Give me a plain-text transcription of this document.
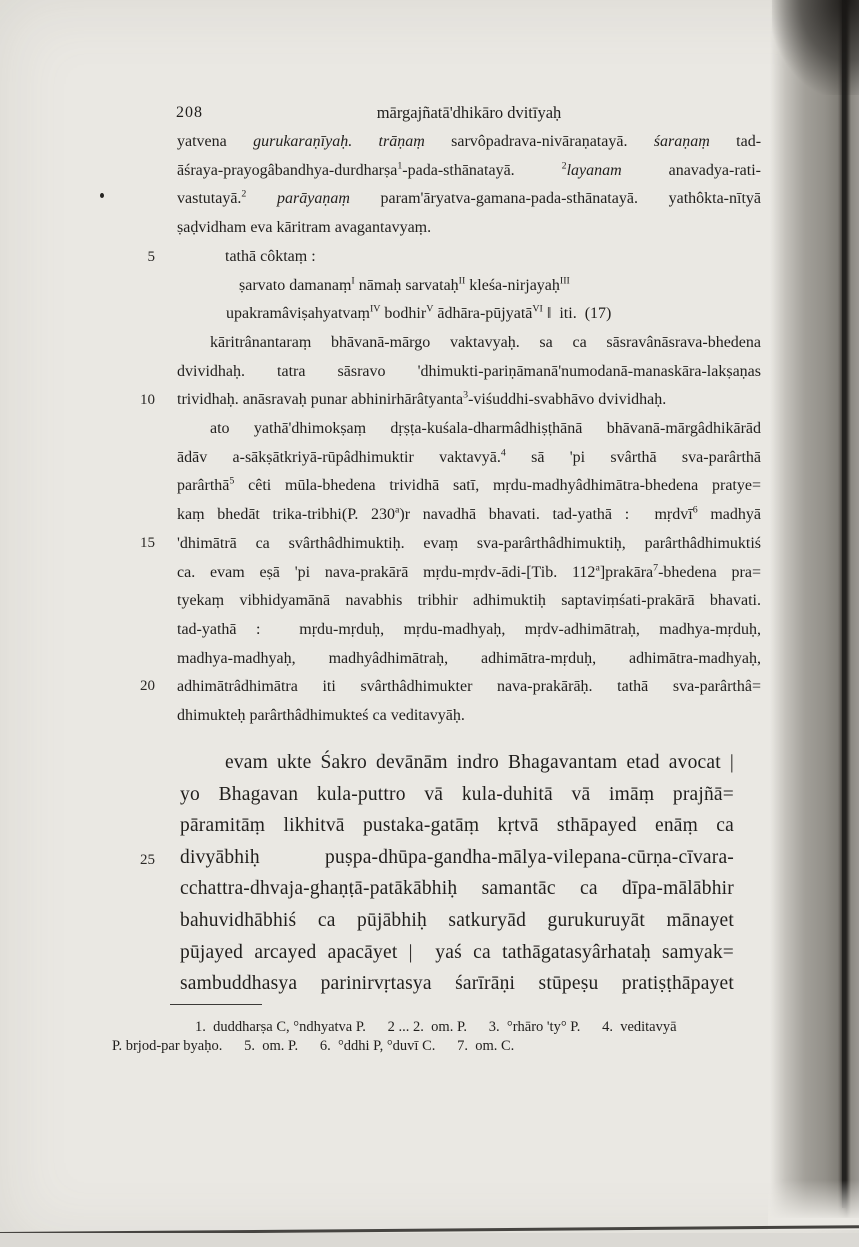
208	mārgajñatā'dhikāro dvitīyaḥ
5
10
15
20
25
yatvena gurukaraṇīyaḥ. trāṇaṃ sarvôpadrava-nivāraṇatayā. śaraṇaṃ tad-
āśraya-prayogâbandhya-durdharṣa$^1$-pada-sthānatayā. $^2$layanam anavadya-rati-
vastutayā.$^2$ parāyaṇaṃ param'āryatva-gamana-pada-sthānatayā. yathôkta-nītyā
ṣaḍvidham eva kāritram avagantavyaṃ.
tathā côktaṃ :
ṣarvato damanaṃ$^I$ nāmaḥ sarvataḥ$^{II}$ kleśa-nirjayaḥ$^{III}$
upakramâviṣahyatvaṃ$^{IV}$ bodhir$^V$ ādhāra-pūjyatā$^{VI}$ ‖  iti.  (17)
kāritrânantaraṃ bhāvanā-mārgo vaktavyaḥ. sa ca sāsravânāsrava-bhedena
dvividhaḥ. tatra sāsravo 'dhimukti-pariṇāmanā'numodanā-manaskāra-lakṣaṇas
trividhaḥ. anāsravaḥ punar abhinirhārâtyanta$^3$-viśuddhi-svabhāvo dvividhaḥ.
ato yathā'dhimokṣaṃ dṛṣṭa-kuśala-dharmâdhiṣṭhānā bhāvanā-mārgâdhikārād
ādāv a-sākṣātkriyā-rūpâdhimuktir vaktavyā.$^4$ sā 'pi svârthā sva-parârthā
parârthā$^5$ cêti mūla-bhedena trividhā satī, mṛdu-madhyâdhimātra-bhedena pratye=
kaṃ bhedāt trika-tribhi(P. 230$^a$)r navadhā bhavati. tad-yathā :  mṛdvī$^6$ madhyā
'dhimātrā ca svârthâdhimuktiḥ. evaṃ sva-parârthâdhimuktiḥ, parârthâdhimuktiś
ca. evam eṣā 'pi nava-prakārā mṛdu-mṛdv-ādi-[Tib. 112$^a$]prakāra$^7$-bhedena pra=
tyekaṃ vibhidyamānā navabhis tribhir adhimuktiḥ saptaviṃśati-prakārā bhavati.
tad-yathā :  mṛdu-mṛduḥ, mṛdu-madhyaḥ, mṛdv-adhimātraḥ, madhya-mṛduḥ,
madhya-madhyaḥ, madhyâdhimātraḥ, adhimātra-mṛduḥ, adhimātra-madhyaḥ,
adhimātrâdhimātra iti svârthâdhimukter nava-prakārāḥ. tathā sva-parârthâ=
dhimukteḥ parârthâdhimukteś ca veditavyāḥ.
evam ukte Śakro devānām indro Bhagavantam etad avocat |
yo Bhagavan kula-puttro vā kula-duhitā vā imāṃ prajñā=
pāramitāṃ likhitvā pustaka-gatāṃ kṛtvā sthāpayed enāṃ ca
divyābhiḥ puṣpa-dhūpa-gandha-mālya-vilepana-cūrṇa-cīvara-
cchattra-dhvaja-ghaṇṭā-patākābhiḥ samantāc ca dīpa-mālābhir
bahuvidhābhiś ca pūjābhiḥ satkuryād gurukuruyāt mānayet
pūjayed arcayed apacāyet |  yaś ca tathāgatasyârhataḥ samyak=
sambuddhasya parinirvṛtasya śarīrāṇi stūpeṣu pratiṣṭhāpayet
1.  duddharṣa C, °ndhyatva P.      2 ... 2.  om. P.      3.  °rhāro 'ty° P.      4.  veditavyā
P. brjod-par byaḥo.      5.  om. P.      6.  °ddhi P, °duvī C.      7.  om. C.
